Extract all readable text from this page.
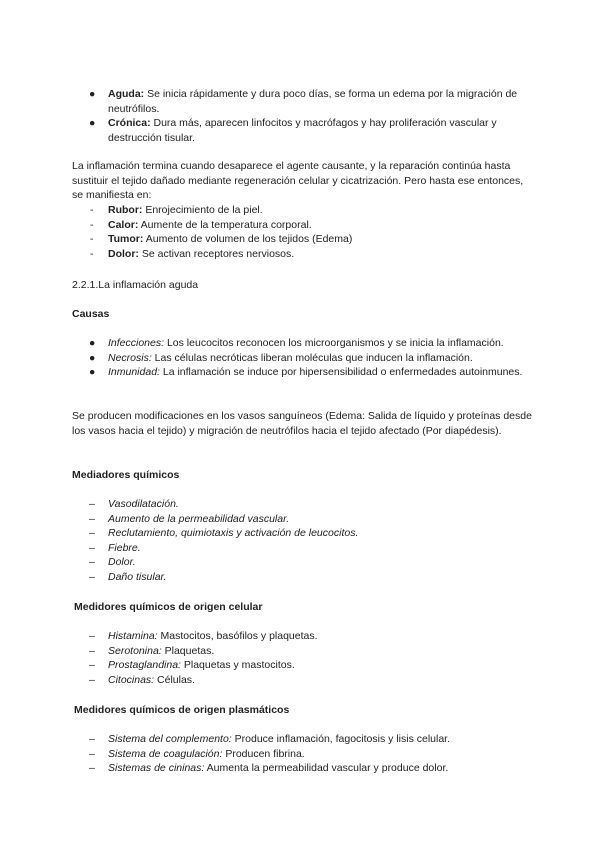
● Aguda: Se inicia rápidamente y dura poco días, se forma un edema por la migración de neutrófilos.
● Crónica: Dura más, aparecen linfocitos y macrófagos y hay proliferación vascular y destrucción tisular.

La inflamación termina cuando desaparece el agente causante, y la reparación continúa hasta sustituir el tejido dañado mediante regeneración celular y cicatrización. Pero hasta ese entonces, se manifiesta en:

- Rubor: Enrojecimiento de la piel.
- Calor: Aumente de la temperatura corporal.
- Tumor: Aumento de volumen de los tejidos (Edema)
- Dolor: Se activan receptores nerviosos.

2.2.1.La inflamación aguda

Causas
● Infecciones: Los leucocitos reconocen los microorganismos y se inicia la inflamación.
● Necrosis: Las células necróticas liberan moléculas que inducen la inflamación.
● Inmunidad: La inflamación se induce por hipersensibilidad o enfermedades autoinmunes.

Se producen modificaciones en los vasos sanguíneos (Edema: Salida de líquido y proteínas desde los vasos hacia el tejido) y migración de neutrófilos hacia el tejido afectado (Por diapédesis).

Mediadores químicos
– Vasodilatación.
– Aumento de la permeabilidad vascular.
– Reclutamiento, quimiotaxis y activación de leucocitos.
– Fiebre.
– Dolor.
– Daño tisular.
Medidores químicos de origen celular
– Histamina: Mastocitos, basófilos y plaquetas.
– Serotonina: Plaquetas.
– Prostaglandina: Plaquetas y mastocitos.
– Citocinas: Células.
Medidores químicos de origen plasmáticos
– Sistema del complemento: Produce inflamación, fagocitosis y lisis celular.
– Sistema de coagulación: Producen fibrina.
– Sistemas de cininas: Aumenta la permeabilidad vascular y produce dolor.
